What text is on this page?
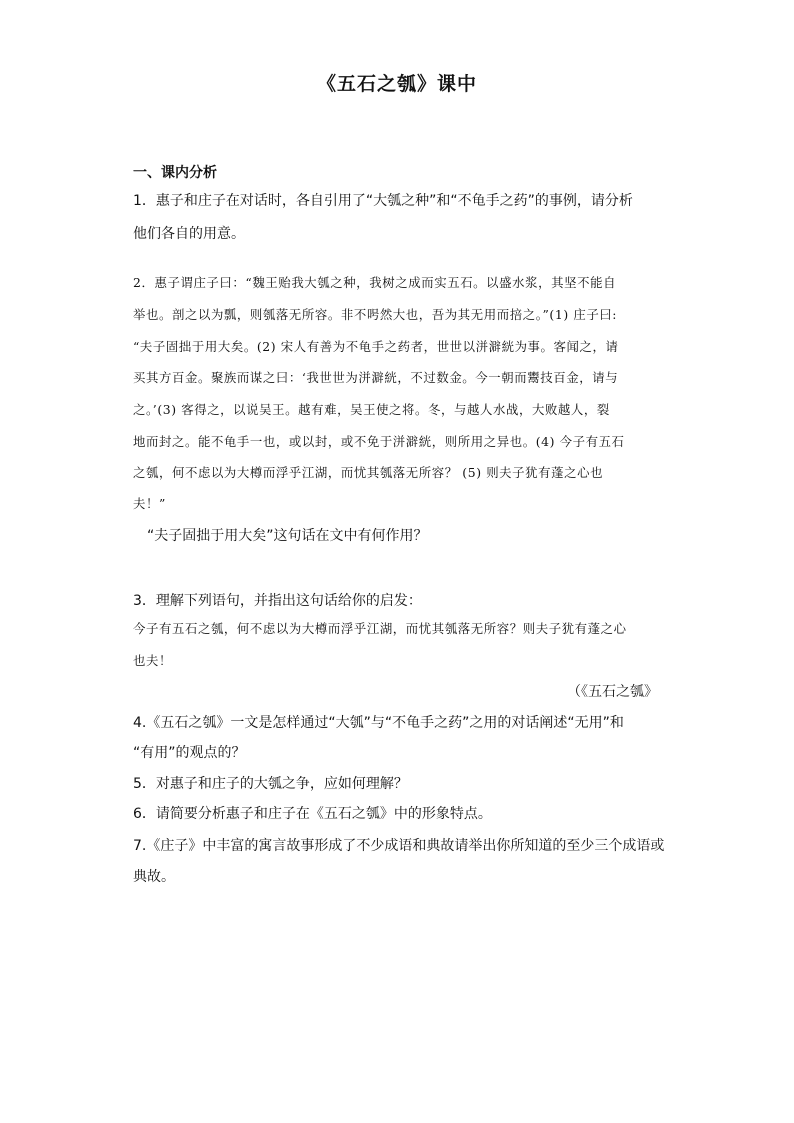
《五石之瓠》课中
一、课内分析
1．惠子和庄子在对话时，各自引用了“大瓠之种”和“不龟手之药”的事例，请分析
他们各自的用意。
2．惠子谓庄子曰：“魏王贻我大瓠之种，我树之成而实五石。以盛水浆，其坚不能自
举也。剖之以为瓢，则瓠落无所容。非不呺然大也，吾为其无用而掊之。”(1) 庄子曰:
“夫子固拙于用大矣。(2) 宋人有善为不龟手之药者，世世以洴澼絖为事。客闻之，请
买其方百金。聚族而谋之曰：‘我世世为洴澼絖，不过数金。今一朝而鬻技百金，请与
之。’(3) 客得之，以说吴王。越有难，吴王使之将。冬，与越人水战，大败越人，裂
地而封之。能不龟手一也，或以封，或不免于洴澼絖，则所用之异也。(4) 今子有五石
之瓠，何不虑以为大樽而浮乎江湖，而忧其瓠落无所容？ (5) 则夫子犹有蓬之心也
夫！”
“夫子固拙于用大矣”这句话在文中有何作用？
3．理解下列语句，并指出这句话给你的启发：
今子有五石之瓠，何不虑以为大樽而浮乎江湖，而忧其瓠落无所容？则夫子犹有蓬之心
也夫！
（《五石之瓠》
4.《五石之瓠》一文是怎样通过“大瓠”与“不龟手之药”之用的对话阐述“无用”和
“有用”的观点的？
5．对惠子和庄子的大瓠之争，应如何理解？
6．请简要分析惠子和庄子在《五石之瓠》中的形象特点。
7.《庄子》中丰富的寓言故事形成了不少成语和典故请举出你所知道的至少三个成语或
典故。
